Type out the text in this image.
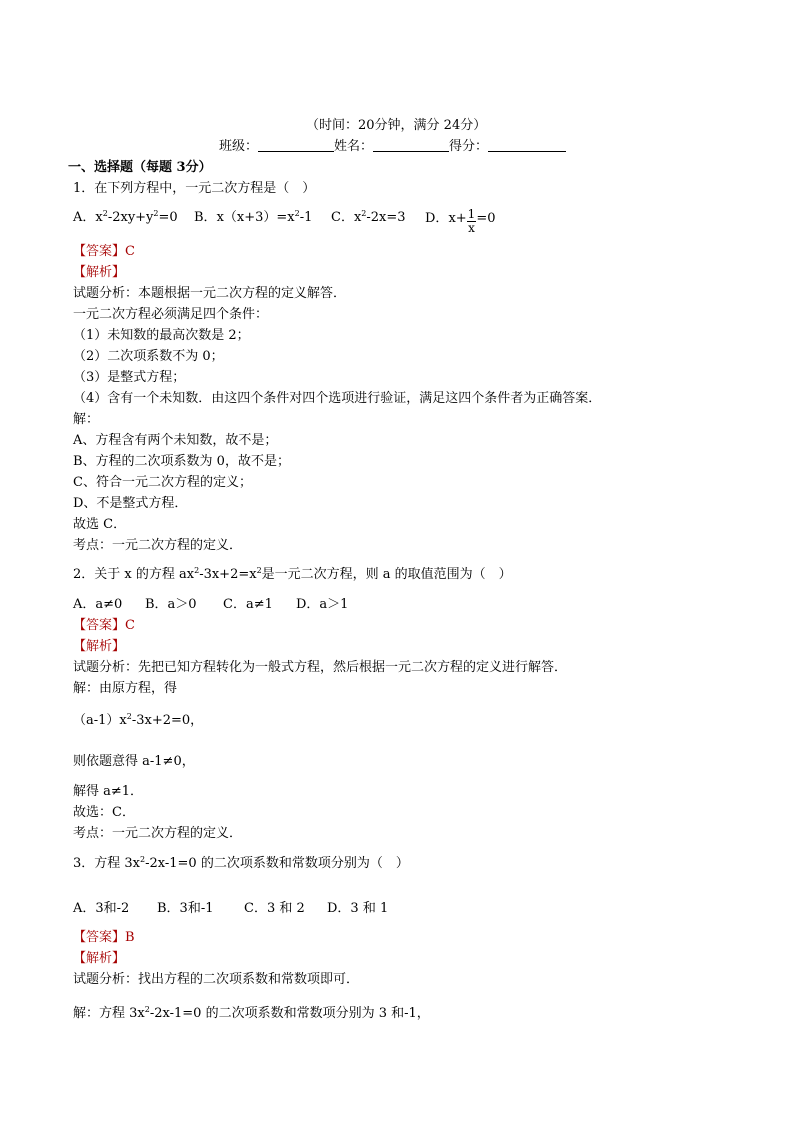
（时间：20分钟，满分 24分）
班级：	姓名：	得分：
一、选择题（每题 3分）
1．在下列方程中，一元二次方程是（　）
A．$x^2-2xy+y^2=0$ B．$x(x+3)=x^2-1$ C．$x^2-2x=3$ D．$x+ \frac{1}{x} =0$
【答案】C
【解析】
试题分析：本题根据一元二次方程的定义解答．
一元二次方程必须满足四个条件：
（1）未知数的最高次数是 2；
（2）二次项系数不为 0；
（3）是整式方程；
（4）含有一个未知数．由这四个条件对四个选项进行验证，满足这四个条件者为正确答案．
解：
A、方程含有两个未知数，故不是；
B、方程的二次项系数为 0，故不是；
C、符合一元二次方程的定义；
D、不是整式方程．
故选 C．
考点：一元二次方程的定义．
2．关于 x 的方程 $ax^2-3x+2=x^2$是一元二次方程，则 a 的取值范围为（　）
A．a≠0 B．a＞0 C．a≠1 D．a＞1
【答案】C
【解析】
试题分析：先把已知方程转化为一般式方程，然后根据一元二次方程的定义进行解答．
解：由原方程，得
$(a-1)x^2-3x+2=0$，
则依题意得 a-1≠0，
解得 a≠1．
故选：C．
考点：一元二次方程的定义．
3．方程 $3x^2-2x-1=0$ 的二次项系数和常数项分别为（　）
A．3和-2 B．3和-1 C．3 和 2 D．3 和 1
【答案】B
【解析】
试题分析：找出方程的二次项系数和常数项即可．
解：方程 $3x^2-2x-1=0$ 的二次项系数和常数项分别为 3 和-1，
